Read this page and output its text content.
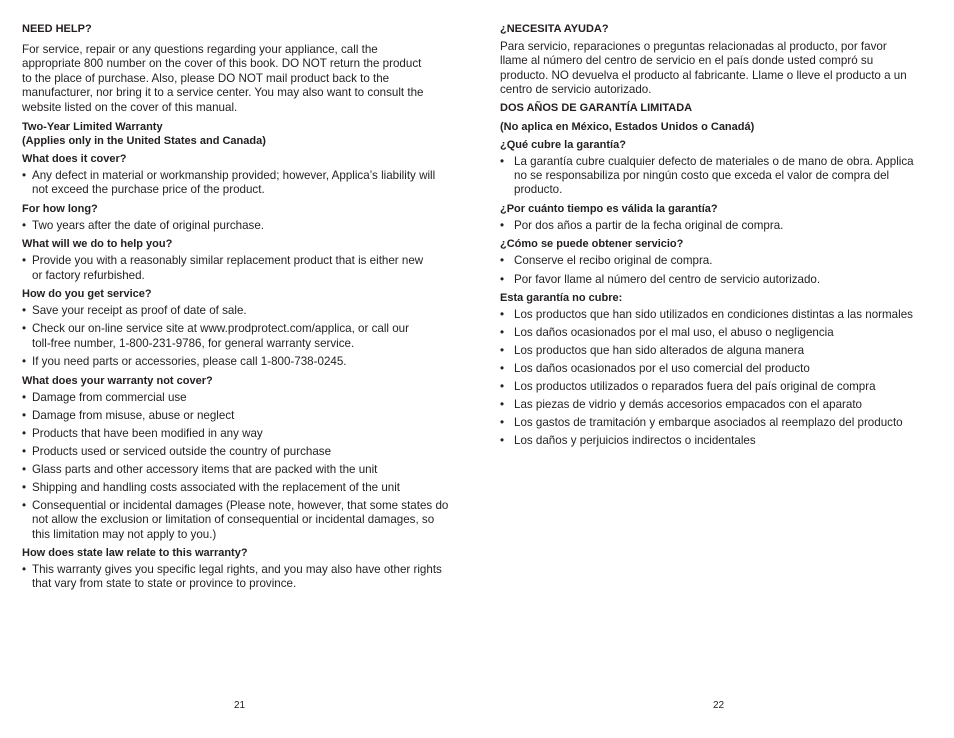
NEED HELP?
For service, repair or any questions regarding your appliance, call the
appropriate 800 number on the cover of this book. DO NOT return the product
to the place of purchase. Also, please DO NOT mail product back to the
manufacturer, nor bring it to a service center. You may also want to consult the
website listed on the cover of this manual.
Two-Year Limited Warranty
(Applies only in the United States and Canada)
What does it cover?
• Any defect in material or workmanship provided; however, Applica’s liability will
not exceed the purchase price of the product.
For how long?
• Two years after the date of original purchase.
What will we do to help you?
• Provide you with a reasonably similar replacement product that is either new
or factory refurbished.
How do you get service?
• Save your receipt as proof of date of sale.
• Check our on-line service site at www.prodprotect.com/applica, or call our
toll-free number, 1-800-231-9786, for general warranty service.
• If you need parts or accessories, please call 1-800-738-0245.
What does your warranty not cover?
• Damage from commercial use
• Damage from misuse, abuse or neglect
• Products that have been modified in any way
• Products used or serviced outside the country of purchase
• Glass parts and other accessory items that are packed with the unit
• Shipping and handling costs associated with the replacement of the unit
• Consequential or incidental damages (Please note, however, that some states do
not allow the exclusion or limitation of consequential or incidental damages, so
this limitation may not apply to you.)
How does state law relate to this warranty?
• This warranty gives you specific legal rights, and you may also have other rights
that vary from state to state or province to province.
¿NECESITA AYUDA?
Para servicio, reparaciones o preguntas relacionadas al producto, por favor
llame al número del centro de servicio en el país donde usted compró su
producto. NO devuelva el producto al fabricante. Llame o lleve el producto a un
centro de servicio autorizado.
DOS AÑOS DE GARANTÍA LIMITADA
(No aplica en México, Estados Unidos o Canadá)
¿Qué cubre la garantía?
• La garantía cubre cualquier defecto de materiales o de mano de obra. Applica
no se responsabiliza por ningún costo que exceda el valor de compra del
producto.
¿Por cuánto tiempo es válida la garantía?
• Por dos años a partir de la fecha original de compra.
¿Cómo se puede obtener servicio?
• Conserve el recibo original de compra.
• Por favor llame al número del centro de servicio autorizado.
Esta garantía no cubre:
• Los productos que han sido utilizados en condiciones distintas a las normales
• Los daños ocasionados por el mal uso, el abuso o negligencia
• Los productos que han sido alterados de alguna manera
• Los daños ocasionados por el uso comercial del producto
• Los productos utilizados o reparados fuera del país original de compra
• Las piezas de vidrio y demás accesorios empacados con el aparato
• Los gastos de tramitación y embarque asociados al reemplazo del producto
• Los daños y perjuicios indirectos o incidentales
21	22
